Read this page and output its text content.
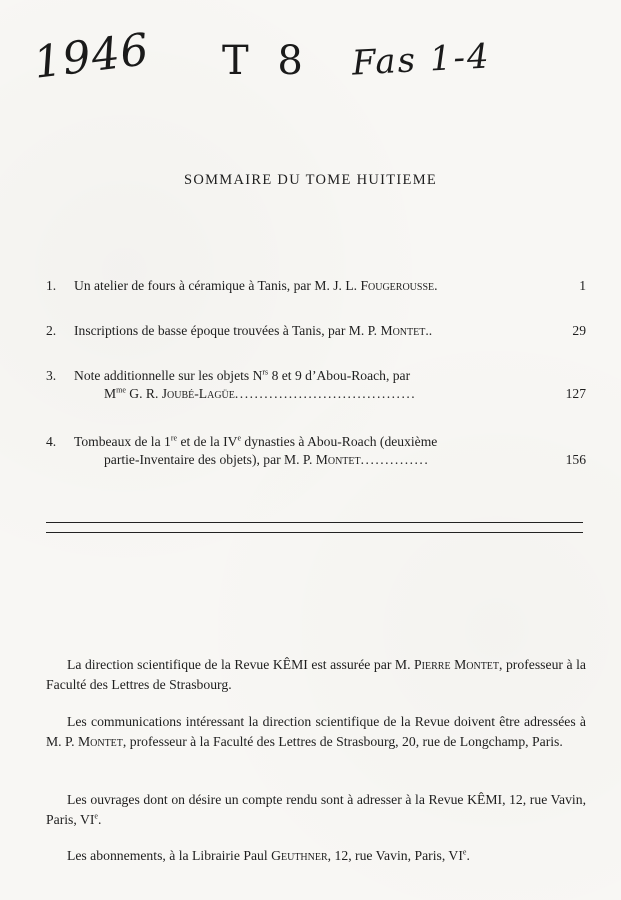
1946 T 8 Fas 1-4
SOMMAIRE DU TOME HUITIEME
1. Un atelier de fours à céramique à Tanis, par M. J. L. Fougerousse.	1
2. Inscriptions de basse époque trouvées à Tanis, par M. P. Montet..	29
3. Note additionnelle sur les objets $N^{rs}$ 8 et 9 d’Abou-Roach, par
$M^{me}$ G. R. Joubé-Lagüe.....................................	127
4. Tombeaux de la 1re et de la IVe dynasties à Abou-Roach (deuxième
partie-Inventaire des objets), par M. P. Montet..............	156
La direction scientifique de la Revue KÊMI est assurée par M. Pierre Montet, professeur à la Faculté des Lettres de Strasbourg.
Les communications intéressant la direction scientifique de la Revue doivent être adressées à M. P. Montet, professeur à la Faculté des Lettres de Strasbourg, 20, rue de Longchamp, Paris.
Les ouvrages dont on désire un compte rendu sont à adresser à la Revue KÊMI, 12, rue Vavin, Paris, VIe.
Les abonnements, à la Librairie Paul Geuthner, 12, rue Vavin, Paris, VIe.
